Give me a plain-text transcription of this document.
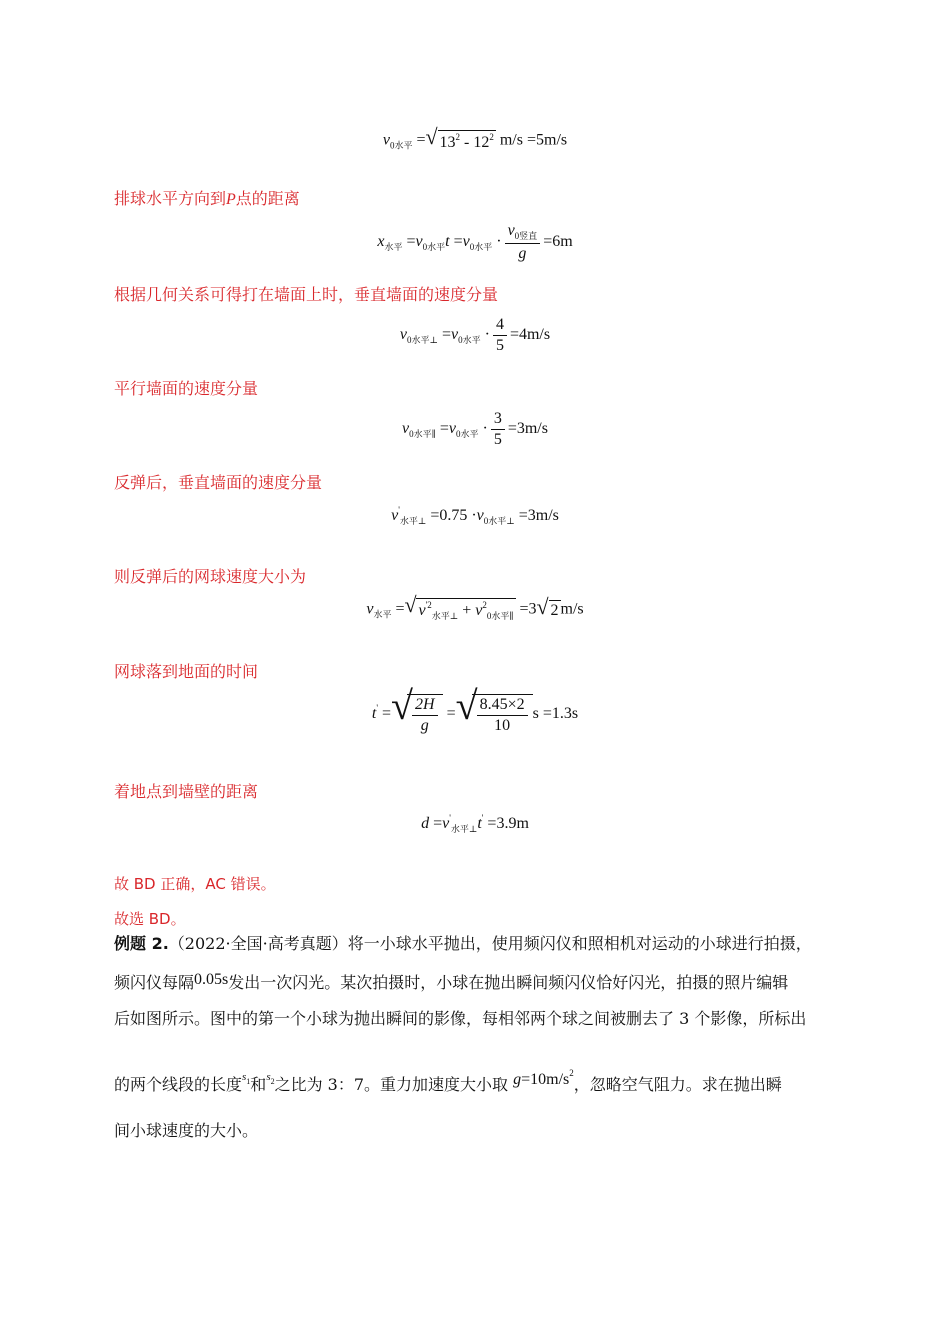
$v_{0水平}$ = √ $13^2 - 12^2$ m/s =5m/s
排球水平方向到P点的距离
$x_{水平} =v_{0水平}t =v_{0水平} \cdot \frac{v_{0竖直}}{g} =6m$
根据几何关系可得打在墙面上时，垂直墙面的速度分量
$v_{0水平\perp} =v_{0水平} \cdot \frac{4}{5} =4m/s$
平行墙面的速度分量
$v_{0水平\parallel} =v_{0水平} \cdot \frac{3}{5} =3m/s$
反弹后，垂直墙面的速度分量
$v'_{水平\perp} =0.75 \cdot v_{0水平\perp} =3m/s$
则反弹后的网球速度大小为
$v_{水平}$ = √ $v^{'2}_{水平\perp} + v^2_{0水平\parallel} =3$ √ 2 m/s
网球落到地面的时间
t' = √ $\frac{2H}{g}$ = √ $\frac{8.45\times 2}{10}$ s =1.3s
着地点到墙壁的距离
$d =v'_{水平\perp}t' =3.9m$
故 BD 正确，AC 错误。
故选 BD。
例题 2.（2022·全国·高考真题）将一小球水平抛出，使用频闪仪和照相机对运动的小球进行拍摄，
频闪仪每隔0.05s发出一次闪光。某次拍摄时，小球在抛出瞬间频闪仪恰好闪光，拍摄的照片编辑
后如图所示。图中的第一个小球为抛出瞬间的影像，每相邻两个球之间被删去了 3 个影像，所标出
的两个线段的长度$^{s1}$和$^{s2}$之比为 3：7。重力加速度大小取 $g=10m/s^2$，忽略空气阻力。求在抛出瞬
间小球速度的大小。
